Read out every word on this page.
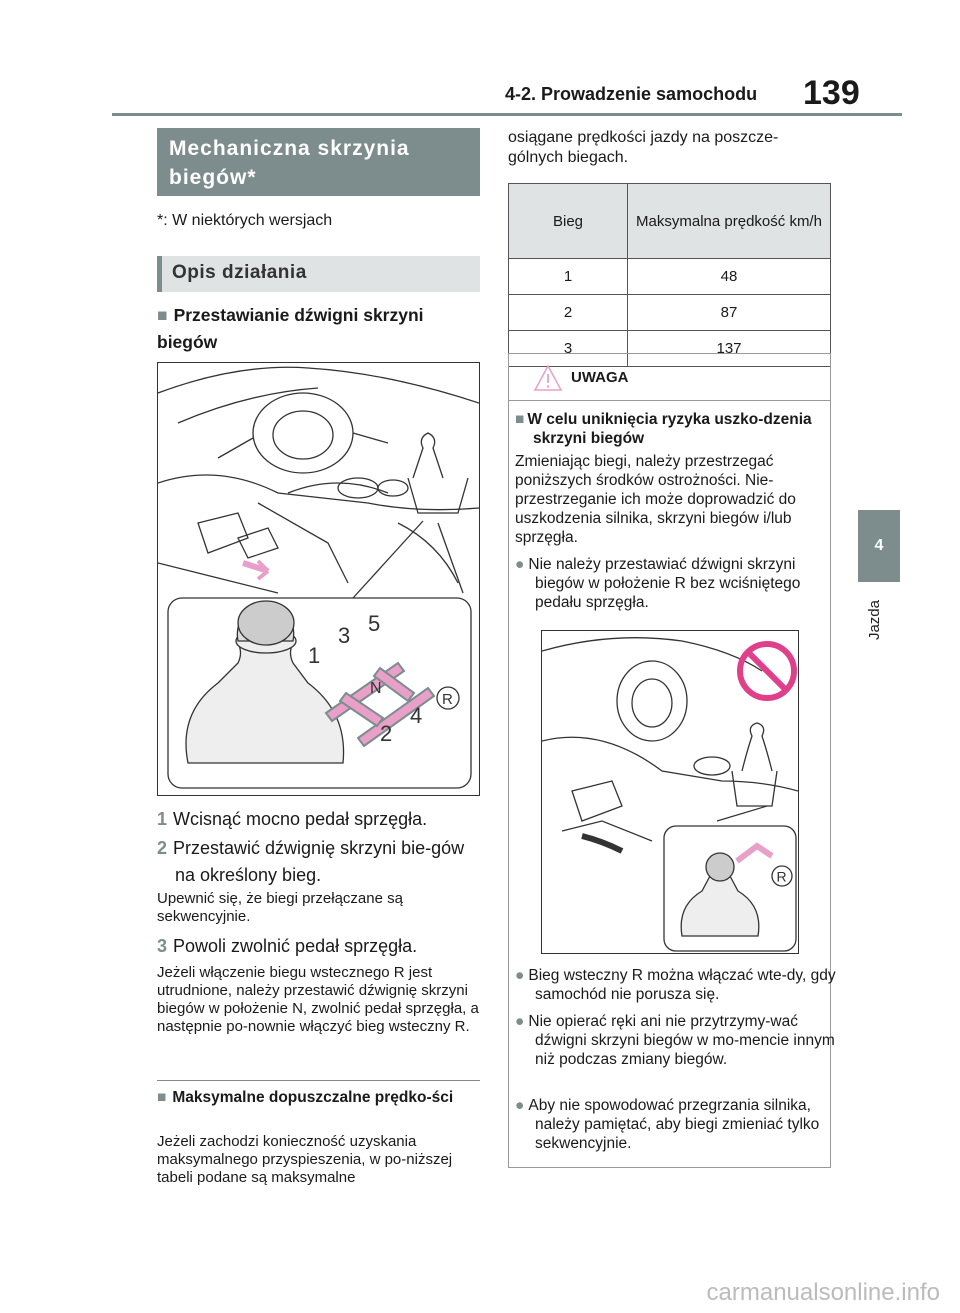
4-2. Prowadzenie samochodu 139
4
Jazda
Mechaniczna skrzynia biegów*
*: W niektórych wersjach
Opis działania
■ Przestawianie dźwigni skrzyni biegów
1
3 5
N
2
4
R
1 Wcisnąć mocno pedał sprzęgła.
2 Przestawić dźwignię skrzyni bie-gów na określony bieg.
Upewnić się, że biegi przełączane są sekwencyjnie.
3 Powoli zwolnić pedał sprzęgła.
Jeżeli włączenie biegu wstecznego R jest utrudnione, należy przestawić dźwignię skrzyni biegów w położenie N, zwolnić pedał sprzęgła, a następnie po-nownie włączyć bieg wsteczny R.
■ Maksymalne dopuszczalne prędko-ści
Jeżeli zachodzi konieczność uzyskania maksymalnego przyspieszenia, w po-niższej tabeli podane są maksymalne
osiągane prędkości jazdy na poszcze-gólnych biegach.
Bieg	Maksymalna prędkość km/h
1	48
2	87
3	137
UWAGA
■ W celu uniknięcia ryzyka uszko-dzenia skrzyni biegów
Zmieniając biegi, należy przestrzegać poniższych środków ostrożności. Nie-przestrzeganie ich może doprowadzić do uszkodzenia silnika, skrzyni biegów i/lub sprzęgła.
● Nie należy przestawiać dźwigni skrzyni biegów w położenie R bez wciśniętego pedału sprzęgła.
R
● Bieg wsteczny R można włączać wte-dy, gdy samochód nie porusza się.
● Nie opierać ręki ani nie przytrzymy-wać dźwigni skrzyni biegów w mo-mencie innym niż podczas zmiany biegów.
● Aby nie spowodować przegrzania silnika, należy pamiętać, aby biegi zmieniać tylko sekwencyjnie.
carmanualsonline.info
